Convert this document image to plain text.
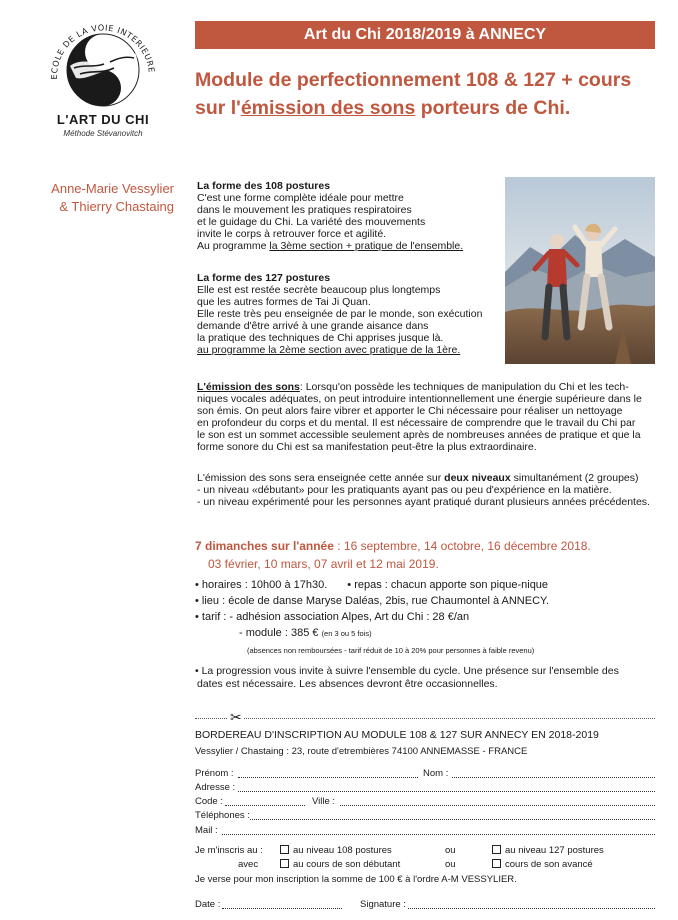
ECOLE DE LA VOIE INTERIEURE
L'ART DU CHI
Méthode Stévanovitch
Art du Chi 2018/2019 à ANNECY
Module de perfectionnement 108 & 127 + cours
sur l'émission des sons porteurs de Chi.
Anne-Marie Vessylier
& Thierry Chastaing
La forme des 108 postures
C'est une forme complète idéale pour mettre
dans le mouvement les pratiques respiratoires
et le guidage du Chi. La variété des mouvements
invite le corps à retrouver force et agilité.
Au programme la 3ème section + pratique de l'ensemble.
La forme des 127 postures
Elle est est restée secrète beaucoup plus longtemps
que les autres formes de Tai Ji Quan.
Elle reste très peu enseignée de par le monde, son exécution
demande d'être arrivé à une grande aisance dans
la pratique des techniques de Chi apprises jusque là.
au programme la 2ème section avec pratique de la 1ère.
L'émission des sons: Lorsqu'on possède les techniques de manipulation du Chi et les tech-
niques vocales adéquates, on peut introduire intentionnellement une énergie supérieure dans le
son émis. On peut alors faire vibrer et apporter le Chi nécessaire pour réaliser un nettoyage
en profondeur du corps et du mental. Il est nécessaire de comprendre que le travail du Chi par
le son est un sommet accessible seulement après de nombreuses années de pratique et que la
forme sonore du Chi est sa manifestation peut-être la plus extraordinaire.
L'émission des sons sera enseignée cette année sur deux niveaux simultanément (2 groupes)
- un niveau «débutant» pour les pratiquants ayant pas ou peu d'expérience en la matière.
- un niveau expérimenté pour les personnes ayant pratiqué durant plusieurs années précédentes.
7 dimanches sur l'année : 16 septembre, 14 octobre, 16 décembre 2018.
03 février, 10 mars, 07 avril et 12 mai 2019.
• horaires : 10h00 à 17h30. • repas : chacun apporte son pique-nique
• lieu : école de danse Maryse Daléas, 2bis, rue Chaumontel à ANNECY.
• tarif : - adhésion association Alpes, Art du Chi : 28 €/an
- module : 385 € (en 3 ou 5 fois)
(absences non remboursées - tarif réduit de 10 à 20% pour personnes à faible revenu)
• La progression vous invite à suivre l'ensemble du cycle. Une présence sur l'ensemble des
dates est nécessaire. Les absences devront être occasionnelles.
✂
BORDEREAU D'INSCRIPTION AU MODULE 108 & 127 SUR ANNECY EN 2018-2019
Vessylier / Chastaing : 23, route d'etrembières 74100 ANNEMASSE - FRANCE
Prénom :	Nom :
Adresse :
Code :	Ville :
Téléphones :
Mail :
Je m'inscris au :	au niveau 108 postures	ou	au niveau 127 postures
avec	au cours de son débutant	ou	cours de son avancé
Je verse pour mon inscription la somme de 100 € à l'ordre A-M VESSYLIER.
Date :	Signature :
